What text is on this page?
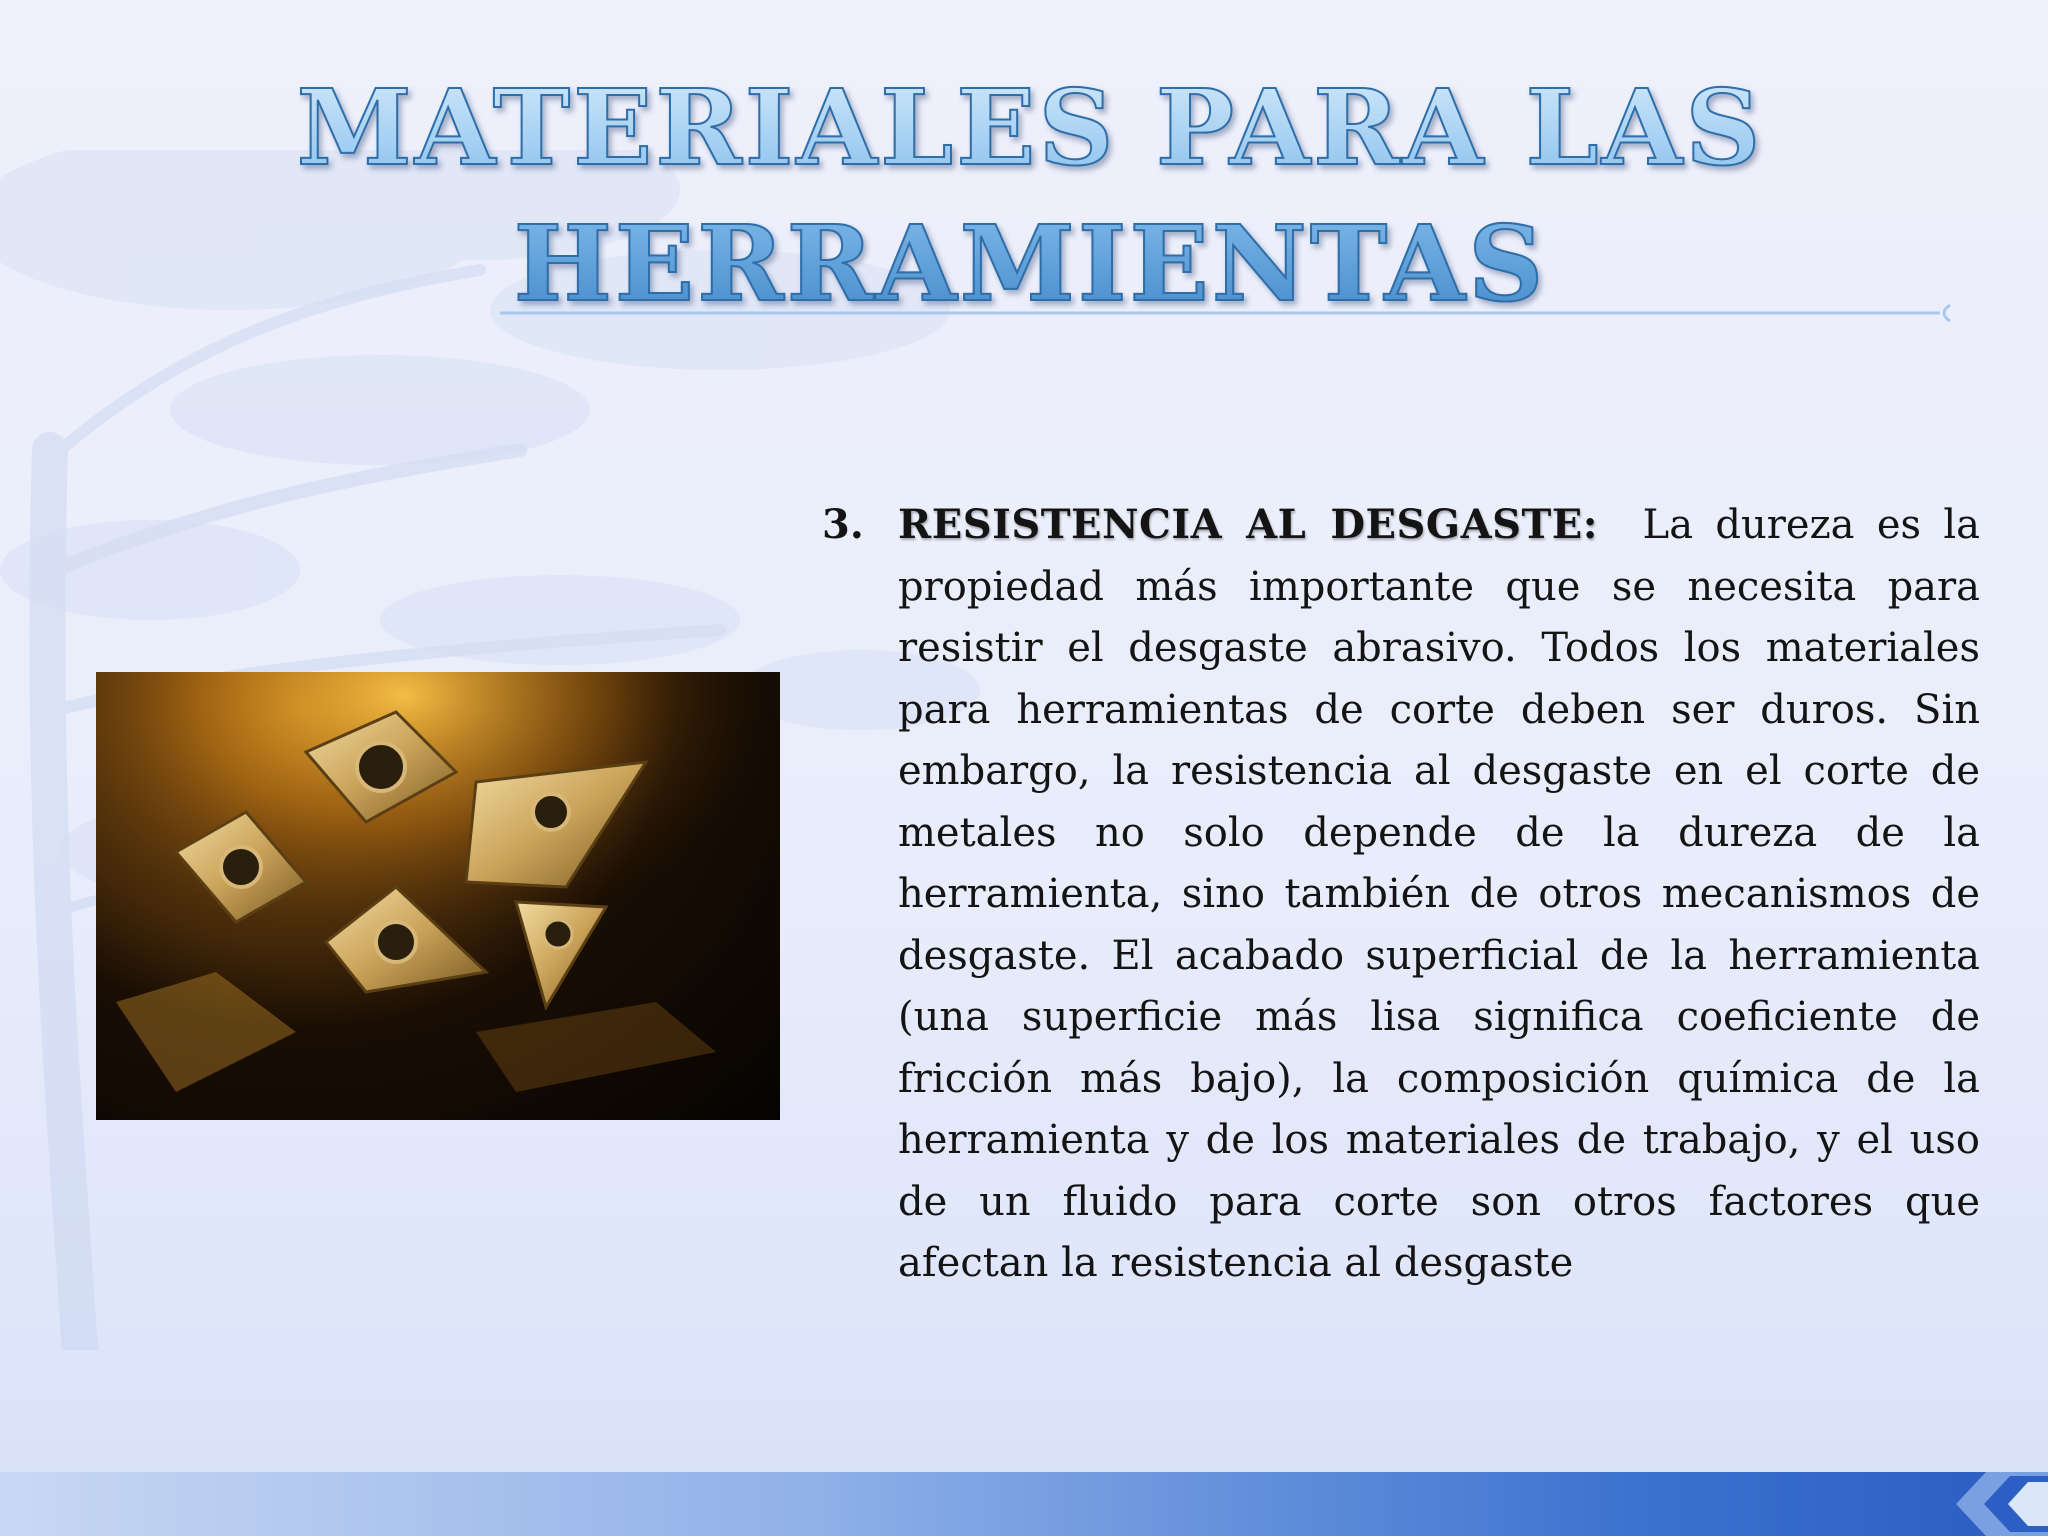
MATERIALES PARA LAS
HERRAMIENTAS
3. RESISTENCIA AL DESGASTE: La dureza es la propiedad más importante que se necesita para resistir el desgaste abrasivo. Todos los materiales para herramientas de corte deben ser duros. Sin embargo, la resistencia al desgaste en el corte de metales no solo depende de la dureza de la herramienta, sino también de otros mecanismos de desgaste. El acabado superficial de la herramienta (una superficie más lisa significa coeficiente de fricción más bajo), la composición química de la herramienta y de los materiales de trabajo, y el uso de un fluido para corte son otros factores que afectan la resistencia al desgaste
